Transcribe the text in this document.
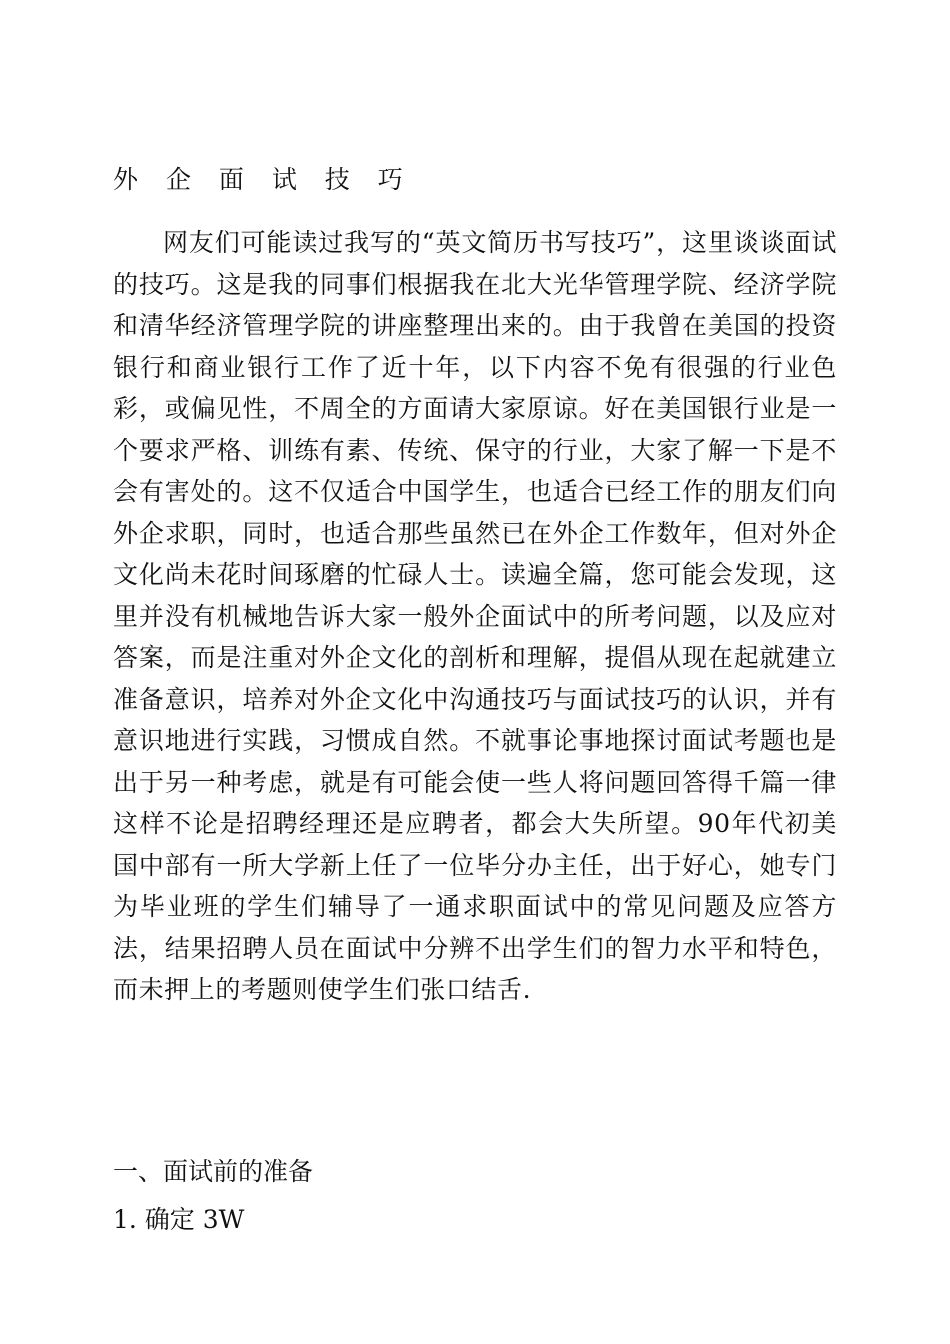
外 企 面 试 技 巧

网友们可能读过我写的“英文简历书写技巧”，这里谈谈面试的技巧。这是我的同事们根据我在北大光华管理学院、经济学院和清华经济管理学院的讲座整理出来的。由于我曾在美国的投资银行和商业银行工作了近十年，以下内容不免有很强的行业色彩，或偏见性，不周全的方面请大家原谅。好在美国银行业是一个要求严格、训练有素、传统、保守的行业，大家了解一下是不会有害处的。这不仅适合中国学生，也适合已经工作的朋友们向外企求职，同时，也适合那些虽然已在外企工作数年，但对外企文化尚未花时间琢磨的忙碌人士。读遍全篇，您可能会发现，这里并没有机械地告诉大家一般外企面试中的所考问题，以及应对答案，而是注重对外企文化的剖析和理解，提倡从现在起就建立准备意识，培养对外企文化中沟通技巧与面试技巧的认识，并有意识地进行实践，习惯成自然。不就事论事地探讨面试考题也是出于另一种考虑，就是有可能会使一些人将问题回答得千篇一律这样不论是招聘经理还是应聘者，都会大失所望。90年代初美国中部有一所大学新上任了一位毕分办主任，出于好心，她专门为毕业班的学生们辅导了一通求职面试中的常见问题及应答方法，结果招聘人员在面试中分辨不出学生们的智力水平和特色，而未押上的考题则使学生们张口结舌.

一、面试前的准备
1. 确定 3W
